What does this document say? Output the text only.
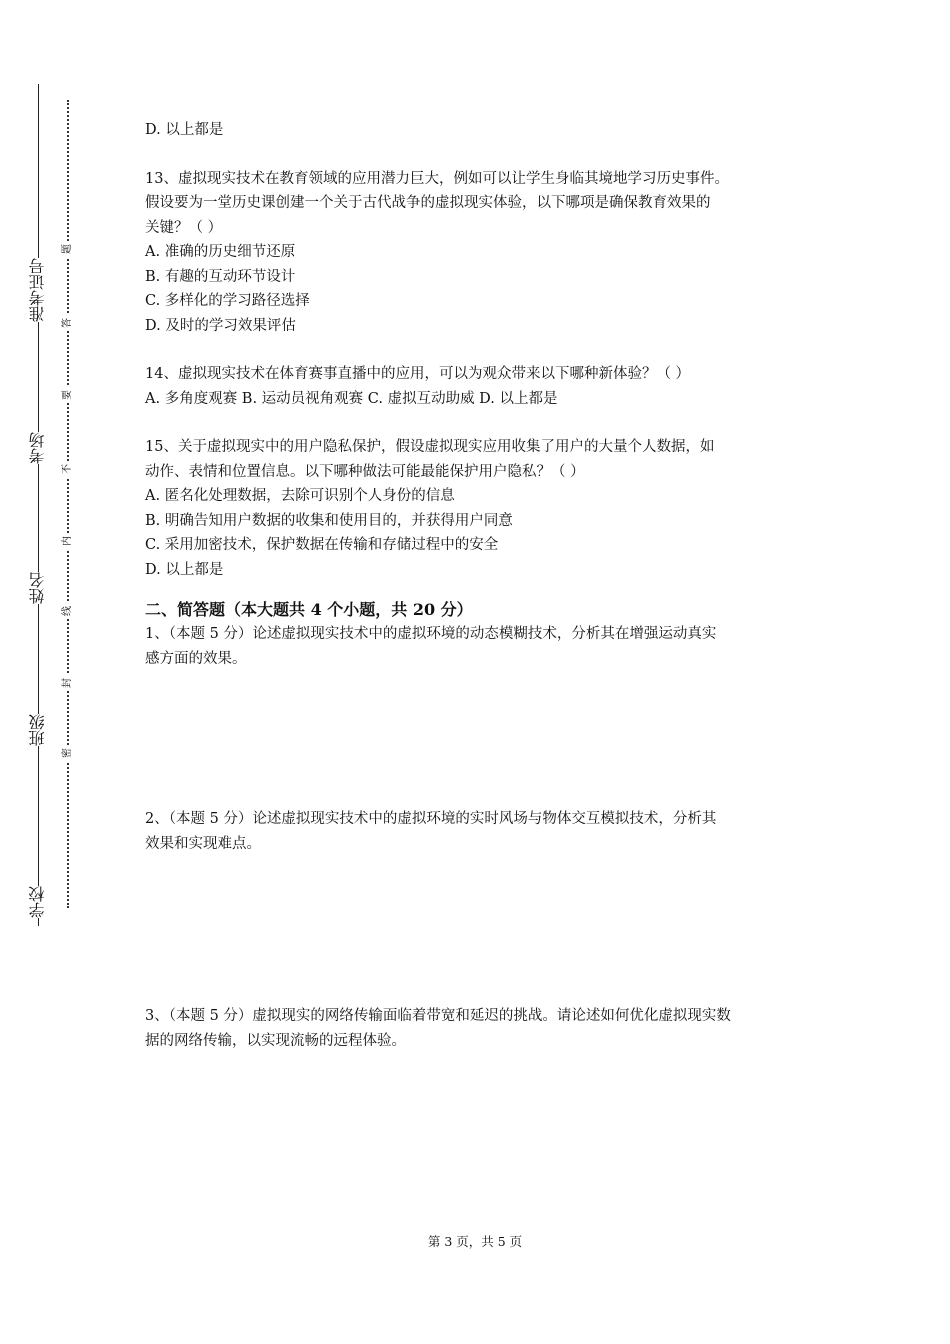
准考证号
考场
姓名
班级
学校
题
答
要
不
内
线
封
密
D. 以上都是
13、虚拟现实技术在教育领域的应用潜力巨大，例如可以让学生身临其境地学习历史事件。
假设要为一堂历史课创建一个关于古代战争的虚拟现实体验，以下哪项是确保教育效果的
关键？（ ）
A. 准确的历史细节还原
B. 有趣的互动环节设计
C. 多样化的学习路径选择
D. 及时的学习效果评估
14、虚拟现实技术在体育赛事直播中的应用，可以为观众带来以下哪种新体验？（ ）
A. 多角度观赛 B. 运动员视角观赛 C. 虚拟互动助威 D. 以上都是
15、关于虚拟现实中的用户隐私保护，假设虚拟现实应用收集了用户的大量个人数据，如
动作、表情和位置信息。以下哪种做法可能最能保护用户隐私？（ ）
A. 匿名化处理数据，去除可识别个人身份的信息
B. 明确告知用户数据的收集和使用目的，并获得用户同意
C. 采用加密技术，保护数据在传输和存储过程中的安全
D. 以上都是
二、简答题（本大题共 4 个小题，共 20 分）
1、（本题 5 分）论述虚拟现实技术中的虚拟环境的动态模糊技术，分析其在增强运动真实
感方面的效果。
2、（本题 5 分）论述虚拟现实技术中的虚拟环境的实时风场与物体交互模拟技术，分析其
效果和实现难点。
3、（本题 5 分）虚拟现实的网络传输面临着带宽和延迟的挑战。请论述如何优化虚拟现实数
据的网络传输，以实现流畅的远程体验。
第 3 页，共 5 页
